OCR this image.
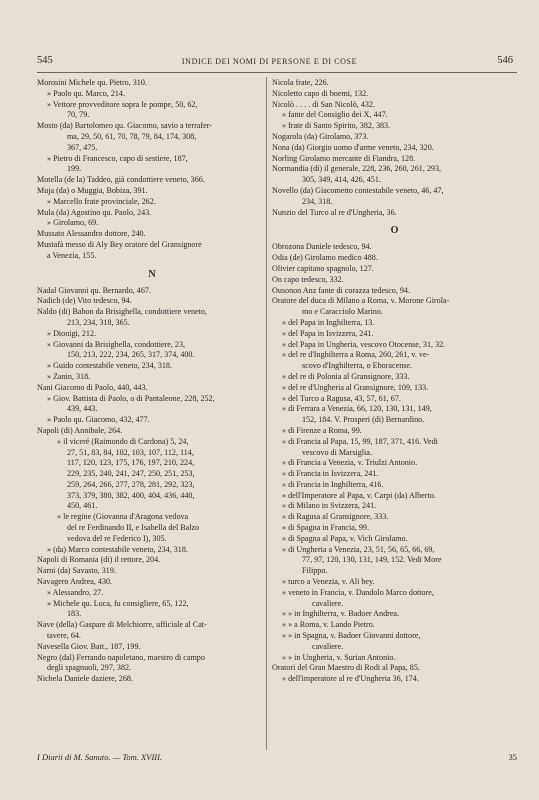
545	INDICE DEI NOMI DI PERSONE E DI COSE	546
Morosini Michele qu. Pietro, 310.
» Paolo qu. Marco, 214.
» Vettore provveditore sopra le pompe, 50, 62,
70, 79.
Mosto (da) Bartolomeo qu. Giacomo, savio a terrafer-
ma, 29, 50, 61, 70, 78, 79, 84, 174, 308,
367, 475.
» Pietro di Francesco, capo di sestiere, 187,
199.
Motella (de la) Taddeo, già condottiere veneto, 366.
Muja (da) o Muggia, Bobiza, 391.
» Marcello frate provinciale, 262.
Mula (da) Agostino qu. Paolo, 243.
» Girolamo, 69.
Mussato Alessandro dottore, 240.
Mustafà messo di Aly Bey oratore del Gransignore
a Venezia, 155.
N
Nadal Giovanni qu. Bernardo, 467.
Nadich (de) Vito tedesco, 94.
Naldo (di) Babon da Brisighella, condottiere veneto,
213, 234, 318, 365.
» Dionigi, 212.
» Giovanni da Brisighella, condottiere, 23,
150, 213, 222, 234, 265, 317, 374, 400.
» Guido contestabile veneto, 234, 318.
» Zanin, 318.
Nani Giacomo di Paolo, 440, 443.
» Giov. Battista di Paolo, o di Pantaleone, 228, 252,
439, 443.
» Paolo qu. Giacomo, 432, 477.
Napoli (di) Annibale, 264.
» il viceré (Raimondo di Cardona) 5, 24,
27, 51, 83, 84, 102, 103, 107, 112, 114,
117, 120, 123, 175, 176, 197, 210, 224,
229, 235, 240, 241, 247, 250, 251, 253,
259, 264, 266, 277, 278, 281, 292, 323,
373, 379, 380, 382, 400, 404, 436, 440,
450, 461.
» le regine (Giovanna d'Aragona vedova
del re Ferdinando II, e Isabella del Balzo
vedova del re Federico I), 305.
» (da) Marco contestabile veneto, 234, 318.
Napoli di Romania (di) il rettore, 204.
Narni (da) Savasto, 319.
Navagero Andrea, 430.
» Alessandro, 27.
» Michele qu. Luca, fu consigliere, 65, 122,
183.
Nave (della) Gaspare di Melchiorre, ufficiale al Cat-
tavere, 64.
Navesella Giov. Batt., 187, 199.
Negro (dal) Ferrando napoletano, maestro di campo
degli spagnuoli, 297, 382.
Nichela Daniele daziere, 268.
Nicola frate, 226.
Nicoletto capo di boemi, 132.
Nicolò . . . . di San Nicolò, 432.
» fante del Consiglio dei X, 447.
» frate di Santo Spirito, 382, 383.
Nogarola (da) Girolamo, 373.
Nona (da) Giorgio uomo d'arme veneto, 234, 320.
Norling Girolamo mercante di Fiandra, 128.
Normandia (di) il generale, 228, 236, 260, 261, 293,
305, 349, 414, 426, 451.
Novello (da) Giacometto contestabile veneto, 46, 47,
234, 318.
Nunzio del Turco al re d'Ungheria, 36.
O
Obrozona Daniele tedesco, 94.
Odia (de) Girolamo medico 488.
Olivier capitano spagnolo, 127.
On capo tedesco, 332.
Ousonon Anz fante di corazza tedesco, 94.
Oratore del duca di Milano a Roma, v. Morone Girola-
mo e Caracciolo Marino.
» del Papa in Inghilterra, 13.
» del Papa in Isvizzera, 241.
» del Papa in Ungheria, vescovo Otocense, 31, 32.
» del re d'Inghilterra a Roma, 260, 261, v. ve-
scovo d'Inghilterra, o Eboracense.
» del re di Polonia al Gransignore, 333.
» del re d'Ungheria al Gransignore, 109, 133.
» del Turco a Ragusa, 43, 57, 61, 67.
» di Ferrara a Venezia, 66, 120, 130, 131, 149,
152, 184. V. Prosperi (di) Bernardino.
» di Firenze a Roma, 99.
» di Francia al Papa, 15, 99, 187, 371, 416. Vedi
vescovo di Marsiglia.
» di Francia a Venezia, v. Triulzi Antonio.
» di Francia in Isvizzera, 241.
» di Francia in Inghilterra, 416.
» dell'Imperatore al Papa, v. Carpi (da) Alberto.
» di Milano in Svizzera, 241.
» di Ragusa al Gransignore, 333.
» di Spagna in Francia, 99.
» di Spagna al Papa, v. Vich Girolamo.
» di Ungheria a Venezia, 23, 51, 56, 65, 66, 69,
77, 97, 120, 130, 131, 149, 152. Vedi More
Filippo.
» turco a Venezia, v. Ali bey.
» veneto in Francia, v. Dandolo Marco dottore,
cavaliere.
» » in Inghilterra, v. Badoer Andrea.
» » a Roma, v. Lando Pietro.
» » in Spagna, v. Badoer Giovanni dottore,
cavaliere.
» » in Ungheria, v. Surian Antonio.
Oratori del Gran Maestro di Rodi al Papa, 85.
» dell'imperatore al re d'Ungheria 36, 174.
I Diarii di M. Sanuto. — Tom. XVIII.	35
